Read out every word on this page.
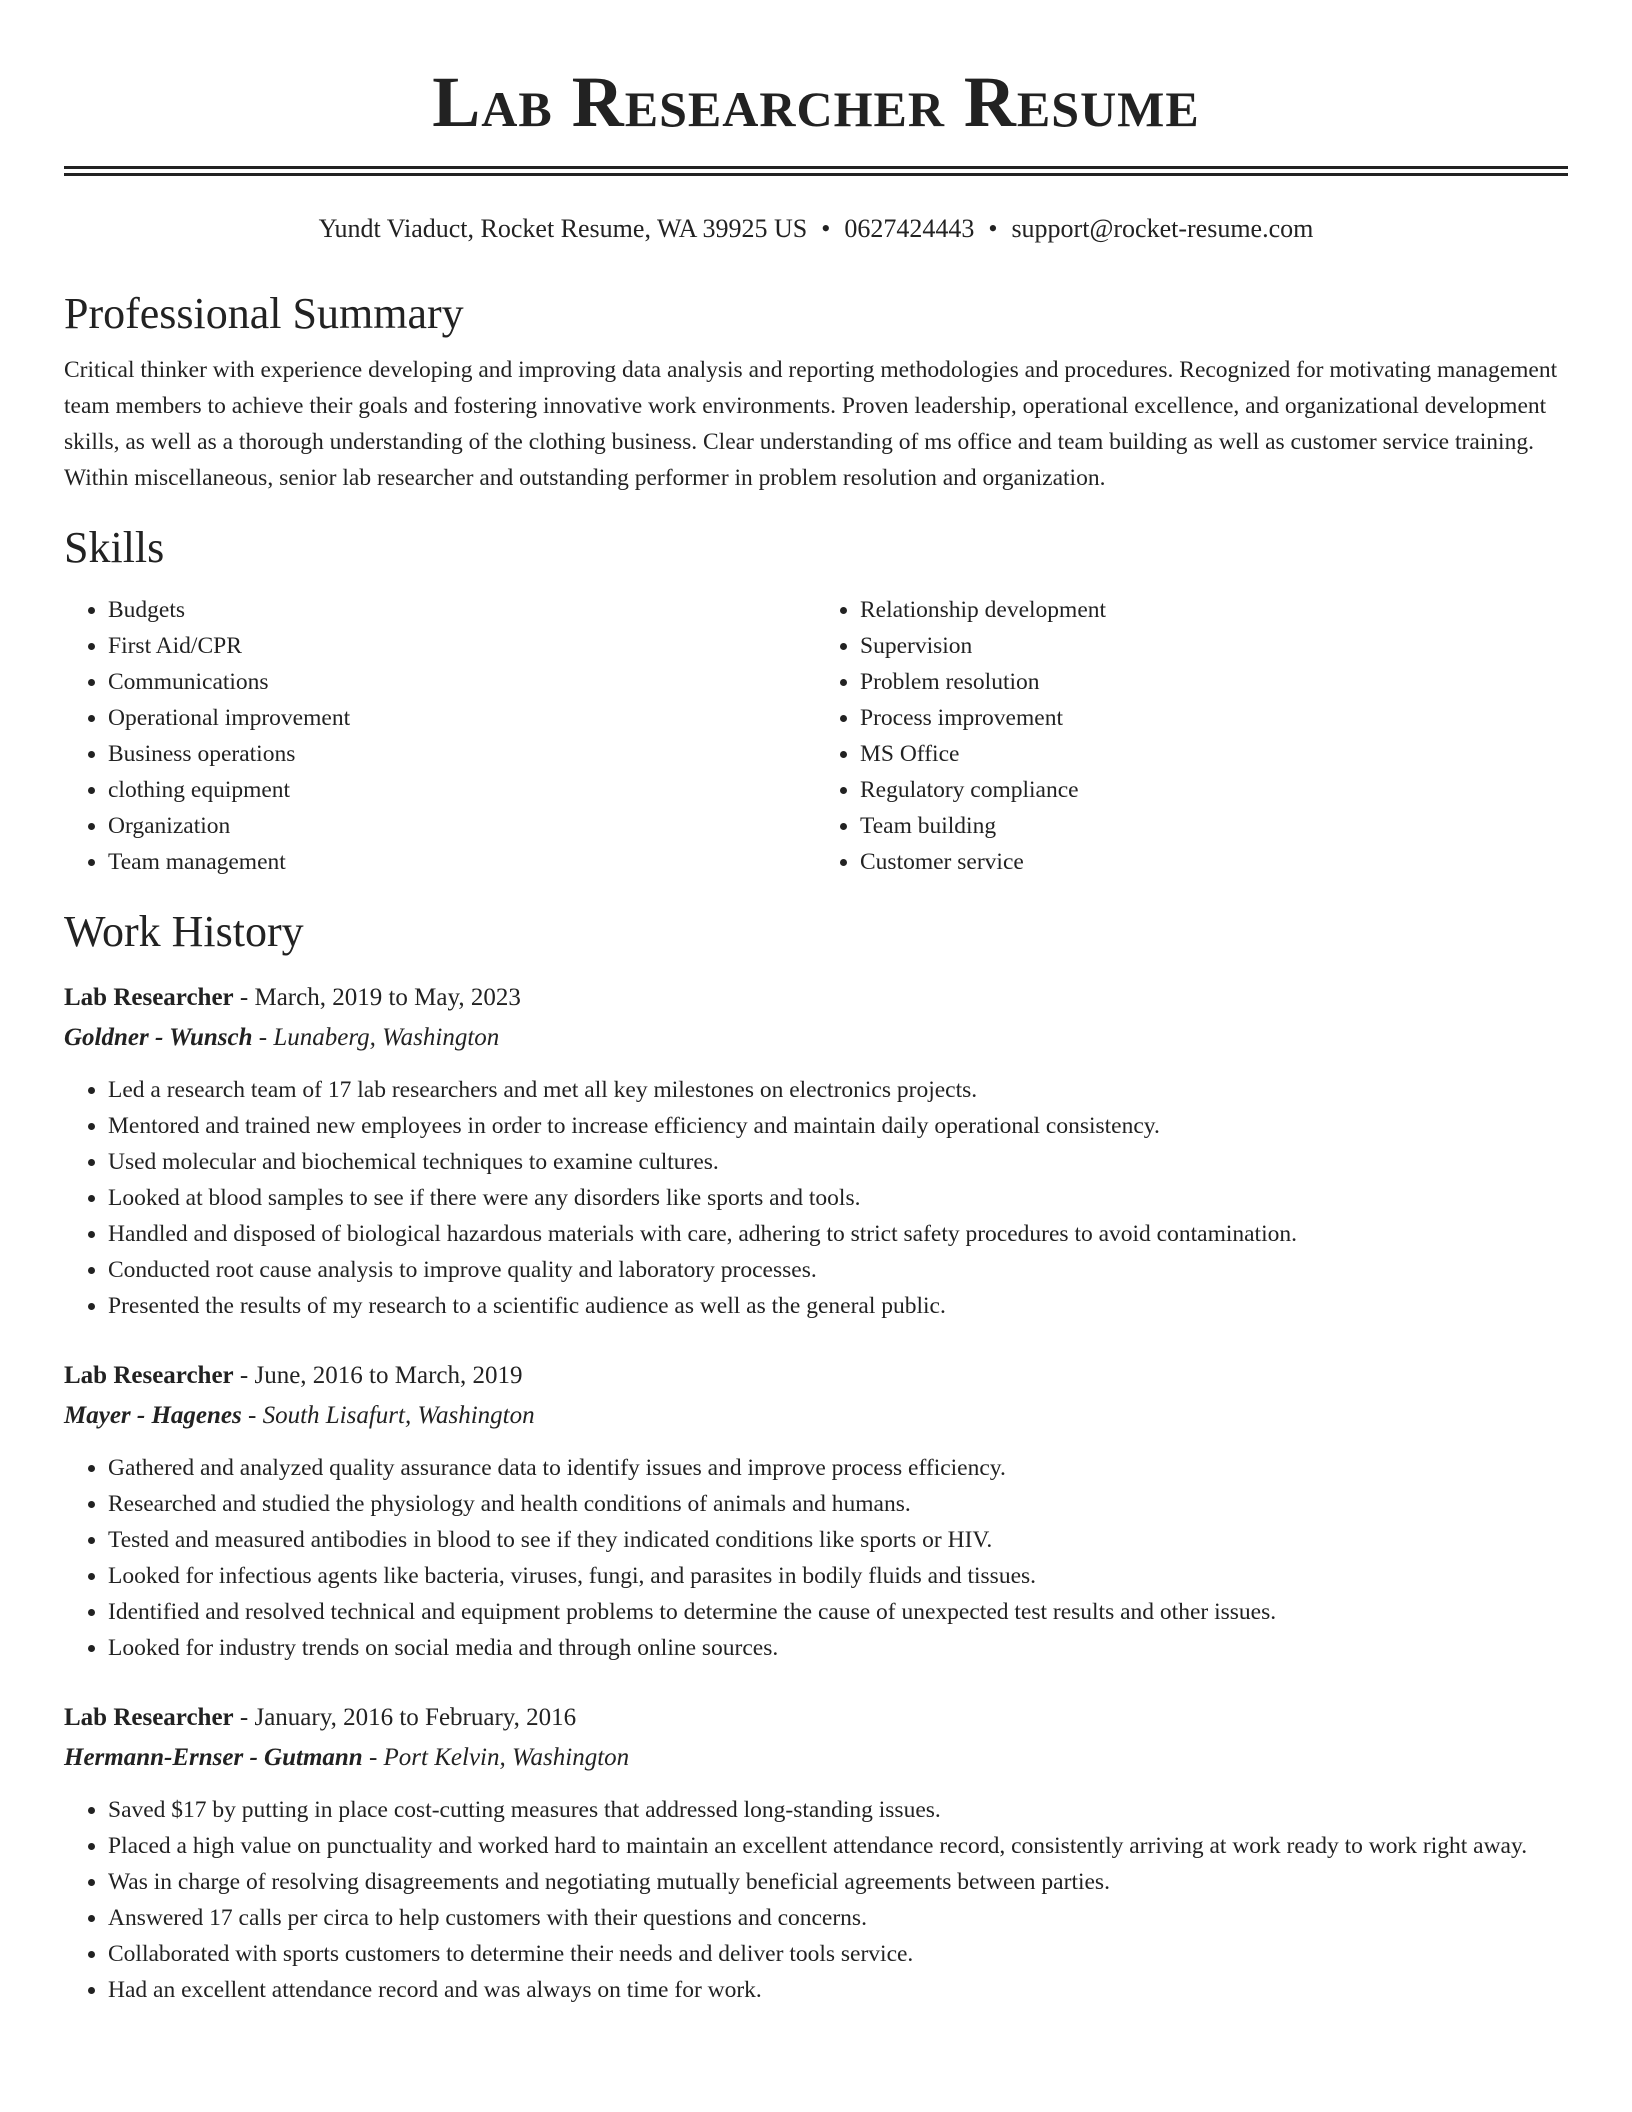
Lab Researcher Resume
Yundt Viaduct, Rocket Resume, WA 39925 US • 0627424443 • support@rocket-resume.com
Professional Summary

Critical thinker with experience developing and improving data analysis and reporting methodologies and procedures. Recognized for motivating management team members to achieve their goals and fostering innovative work environments. Proven leadership, operational excellence, and organizational development skills, as well as a thorough understanding of the clothing business. Clear understanding of ms office and team building as well as customer service training. Within miscellaneous, senior lab researcher and outstanding performer in problem resolution and organization.

Skills
• Budgets
• First Aid/CPR
• Communications
• Operational improvement
• Business operations
• clothing equipment
• Organization
• Team management
• Relationship development
• Supervision
• Problem resolution
• Process improvement
• MS Office
• Regulatory compliance
• Team building
• Customer service
Work History
Lab Researcher - March, 2019 to May, 2023
Goldner - Wunsch - Lunaberg, Washington
• Led a research team of 17 lab researchers and met all key milestones on electronics projects.
• Mentored and trained new employees in order to increase efficiency and maintain daily operational consistency.
• Used molecular and biochemical techniques to examine cultures.
• Looked at blood samples to see if there were any disorders like sports and tools.
• Handled and disposed of biological hazardous materials with care, adhering to strict safety procedures to avoid contamination.
• Conducted root cause analysis to improve quality and laboratory processes.
• Presented the results of my research to a scientific audience as well as the general public.
Lab Researcher - June, 2016 to March, 2019
Mayer - Hagenes - South Lisafurt, Washington
• Gathered and analyzed quality assurance data to identify issues and improve process efficiency.
• Researched and studied the physiology and health conditions of animals and humans.
• Tested and measured antibodies in blood to see if they indicated conditions like sports or HIV.
• Looked for infectious agents like bacteria, viruses, fungi, and parasites in bodily fluids and tissues.
• Identified and resolved technical and equipment problems to determine the cause of unexpected test results and other issues.
• Looked for industry trends on social media and through online sources.
Lab Researcher - January, 2016 to February, 2016
Hermann-Ernser - Gutmann - Port Kelvin, Washington
• Saved $17 by putting in place cost-cutting measures that addressed long-standing issues.
• Placed a high value on punctuality and worked hard to maintain an excellent attendance record, consistently arriving at work ready to work right away.
• Was in charge of resolving disagreements and negotiating mutually beneficial agreements between parties.
• Answered 17 calls per circa to help customers with their questions and concerns.
• Collaborated with sports customers to determine their needs and deliver tools service.
• Had an excellent attendance record and was always on time for work.
